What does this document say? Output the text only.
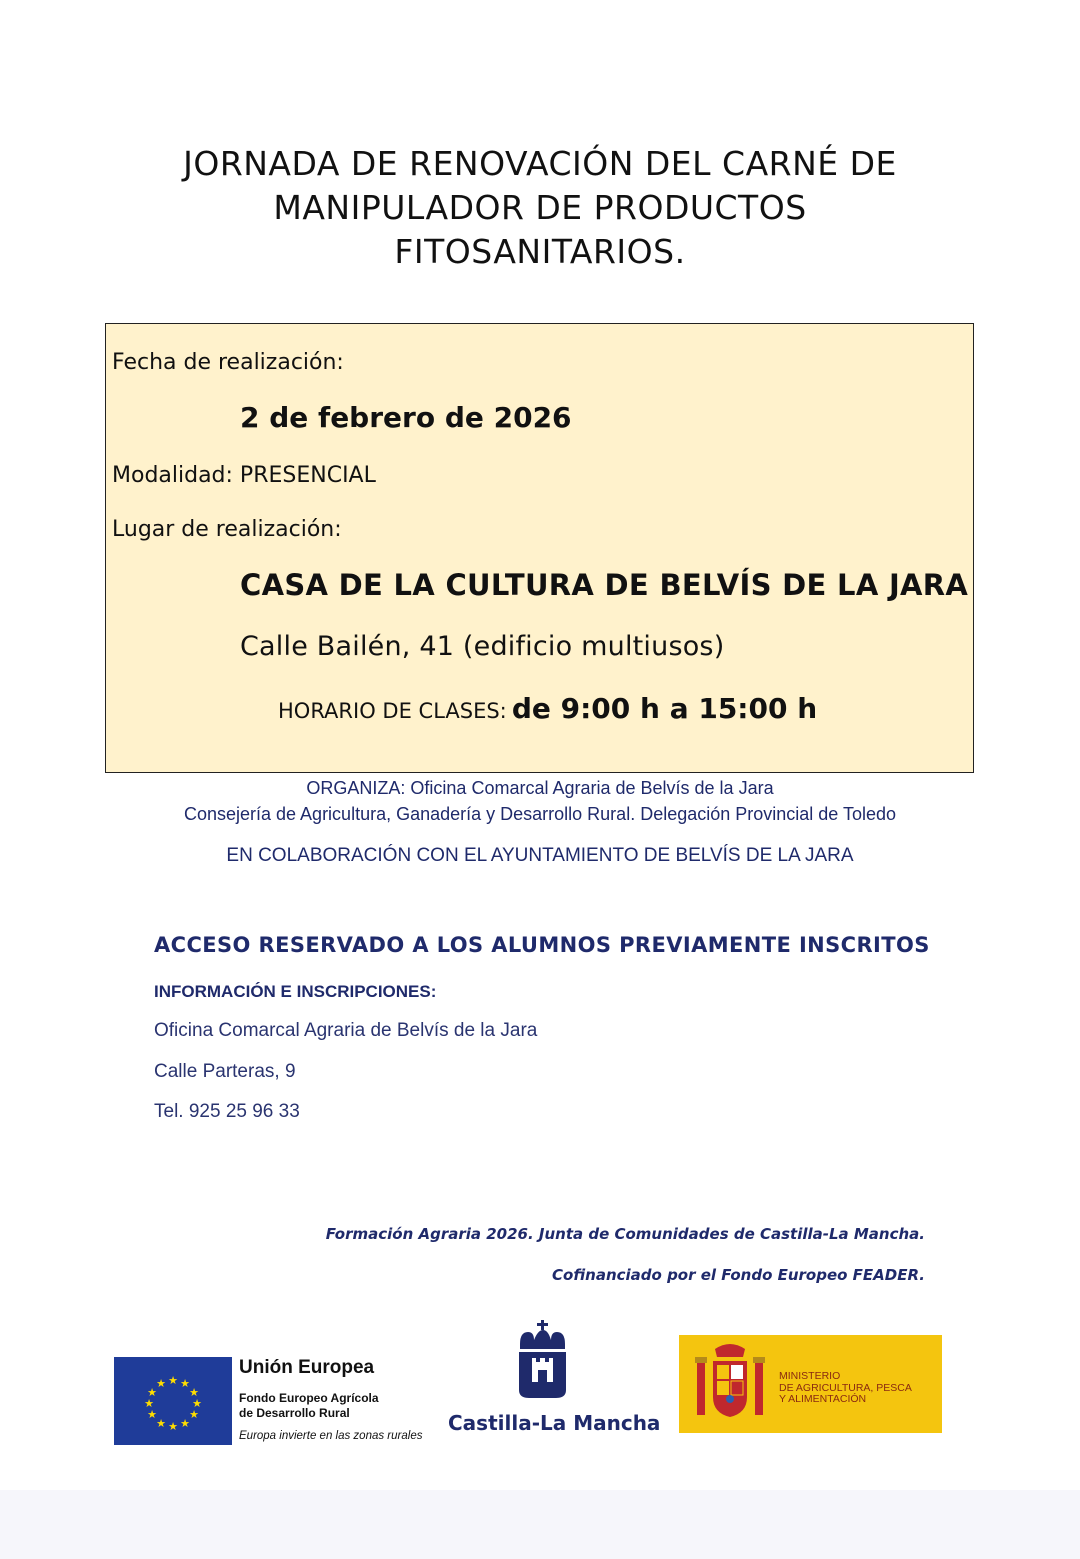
JORNADA DE RENOVACIÓN DEL CARNÉ DE
MANIPULADOR DE PRODUCTOS
FITOSANITARIOS.
Fecha de realización:
2 de febrero de 2026
Modalidad: PRESENCIAL
Lugar de realización:
CASA DE LA CULTURA DE BELVÍS DE LA JARA
Calle Bailén, 41 (edificio multiusos)
HORARIO DE CLASES: de 9:00 h a 15:00 h
ORGANIZA: Oficina Comarcal Agraria de Belvís de la Jara
Consejería de Agricultura, Ganadería y Desarrollo Rural. Delegación Provincial de Toledo
EN COLABORACIÓN CON EL AYUNTAMIENTO DE BELVÍS DE LA JARA
ACCESO RESERVADO A LOS ALUMNOS PREVIAMENTE INSCRITOS
INFORMACIÓN E INSCRIPCIONES:
Oficina Comarcal Agraria de Belvís de la Jara
Calle Parteras, 9
Tel. 925 25 96 33
Formación Agraria 2026. Junta de Comunidades de Castilla-La Mancha.
Cofinanciado por el Fondo Europeo FEADER.
★ ★
★
★
★
★
★
★
★
★
★
★
Unión Europea
Fondo Europeo Agrícola
de Desarrollo Rural
Europa invierte en las zonas rurales
Castilla-La Mancha
MINISTERIO
DE AGRICULTURA, PESCA
Y ALIMENTACIÓN
